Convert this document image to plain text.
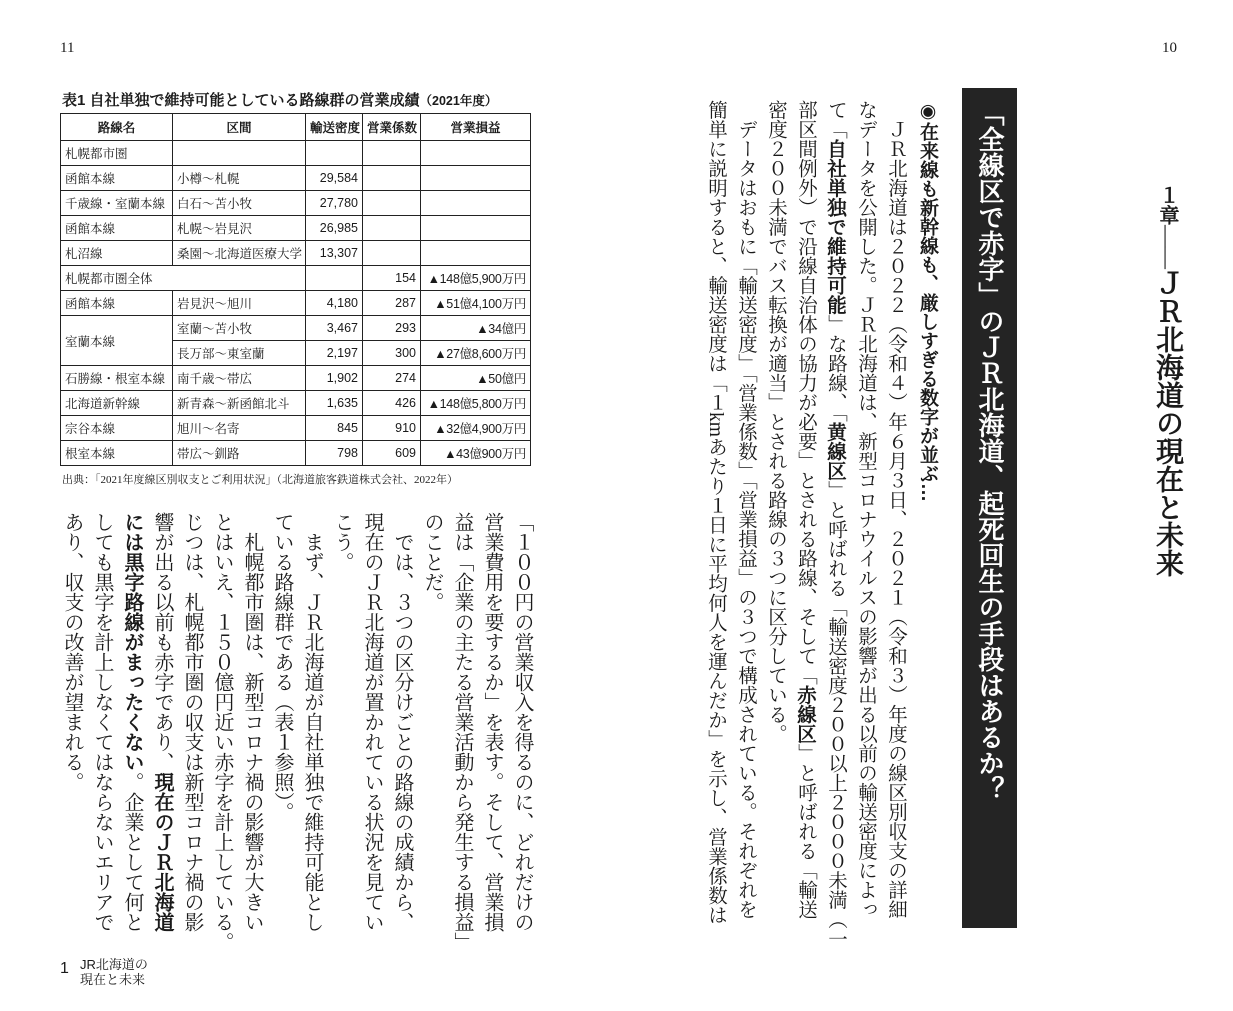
11
表1 自社単独で維持可能としている路線群の営業成績（2021年度）
路線名	区間	輸送密度	営業係数	営業損益
札幌都市圏				
函館本線	小樽～札幌	29,584		
千歳線・室蘭本線	白石～苫小牧	27,780		
函館本線	札幌～岩見沢	26,985		
札沼線	桑園～北海道医療大学	13,307		
札幌都市圏全体			154	▲148億5,900万円
函館本線	岩見沢～旭川	4,180	287	▲51億4,100万円
室蘭本線	室蘭～苫小牧	3,467	293	▲34億円
	長万部～東室蘭	2,197	300	▲27億8,600万円
石勝線・根室本線	南千歳～帯広	1,902	274	▲50億円
北海道新幹線	新青森～新函館北斗	1,635	426	▲148億5,800万円
宗谷本線	旭川～名寄	845	910	▲32億4,900万円
根室本線	帯広～釧路	798	609	▲43億900万円
出典：「2021年度線区別収支とご利用状況」（北海道旅客鉄道株式会社、2022年）
「１００円の営業収入を得るのに、どれだけの
営業費用を要するか」を表す。そして、営業損
益は「企業の主たる営業活動から発生する損益」
のことだ。
　では、３つの区分けごとの路線の成績から、
現在のＪＲ北海道が置かれている状況を見てい
こう。
　まず、ＪＲ北海道が自社単独で維持可能とし
ている路線群である（表１参照）。
　札幌都市圏は、新型コロナ禍の影響が大きい
とはいえ、１５０億円近い赤字を計上している。
じつは、札幌都市圏の収支は新型コロナ禍の影
響が出る以前も赤字であり、現在のＪＲ北海道
には黒字路線がまったくない。企業として何と
しても黒字を計上しなくてはならないエリアで
あり、収支の改善が望まれる。
1 JR北海道の
現在と未来
10
１章――ＪＲ北海道の現在と未来
「全線区で赤字」のＪＲ北海道、起死回生の手段はあるか？
◉在来線も新幹線も、厳しすぎる数字が並ぶ…
　ＪＲ北海道は２０２２（令和４）年６月３日、２０２１（令和３）年度の線区別収支の詳細
なデータを公開した。ＪＲ北海道は、新型コロナウイルスの影響が出る以前の輸送密度によっ
て「自社単独で維持可能」な路線、「黄線区」と呼ばれる「輸送密度２００以上２０００未満（一
部区間例外）で沿線自治体の協力が必要」とされる路線、そして「赤線区」と呼ばれる「輸送
密度２００未満でバス転換が適当」とされる路線の３つに区分している。
　データはおもに「輸送密度」「営業係数」「営業損益」の３つで構成されている。それぞれを
簡単に説明すると、輸送密度は「１kmあたり１日に平均何人を運んだか」を示し、営業係数は
